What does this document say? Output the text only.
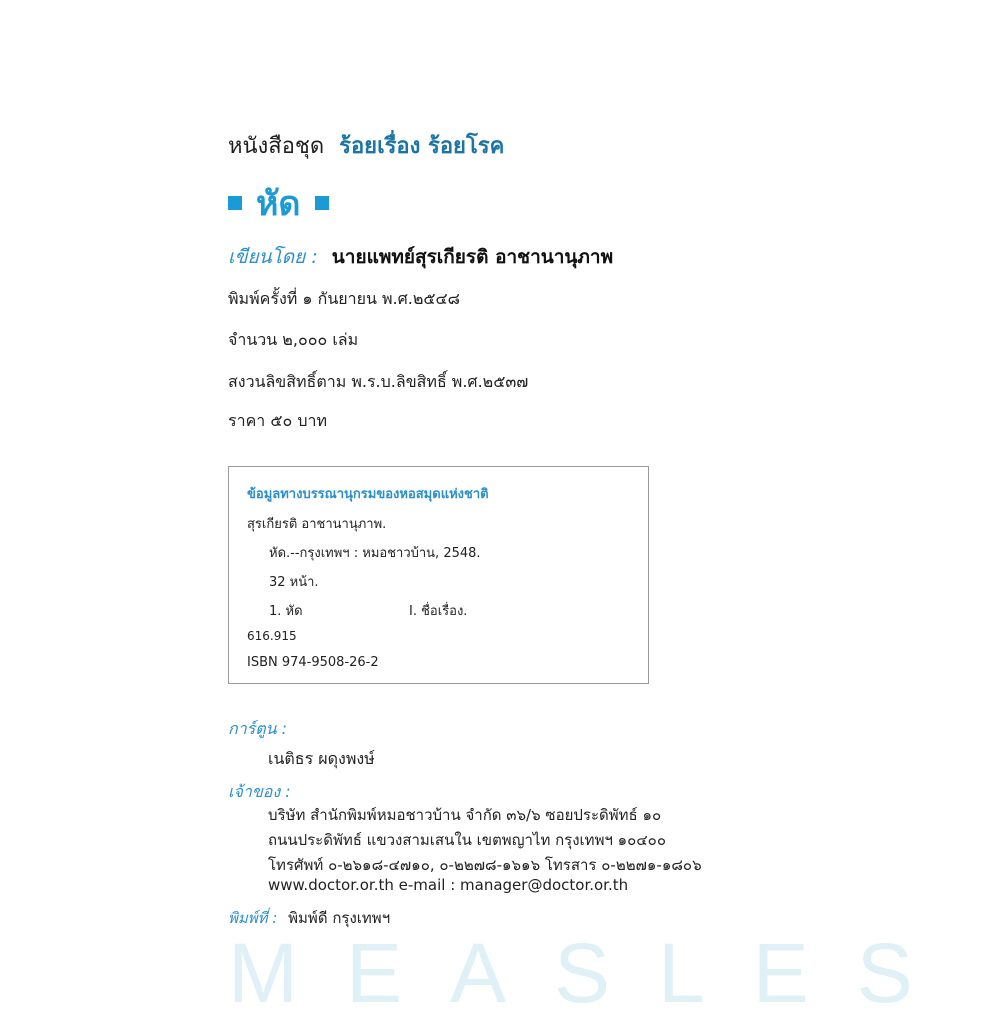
หนังสือชุด ร้อยเรื่อง ร้อยโรค
หัด
เขียนโดย : นายแพทย์สุรเกียรติ อาชานานุภาพ
พิมพ์ครั้งที่ ๑ กันยายน พ.ศ.๒๕๔๘
จำนวน ๒,๐๐๐ เล่ม
สงวนลิขสิทธิ์ตาม พ.ร.บ.ลิขสิทธิ์ พ.ศ.๒๕๓๗
ราคา ๕๐ บาท
ข้อมูลทางบรรณานุกรมของหอสมุดแห่งชาติ
สุรเกียรติ อาชานานุภาพ.
หัด.--กรุงเทพฯ : หมอชาวบ้าน, 2548.
32 หน้า.
1. หัด	I. ชื่อเรื่อง.
616.915
ISBN 974-9508-26-2
การ์ตูน :
เนติธร ผดุงพงษ์
เจ้าของ :
บริษัท สำนักพิมพ์หมอชาวบ้าน จำกัด ๓๖/๖ ซอยประดิพัทธ์ ๑๐
ถนนประดิพัทธ์ แขวงสามเสนใน เขตพญาไท กรุงเทพฯ ๑๐๔๐๐
โทรศัพท์ ๐-๒๖๑๘-๔๗๑๐, ๐-๒๒๗๘-๑๖๑๖ โทรสาร ๐-๒๒๗๑-๑๘๐๖
www.doctor.or.th e-mail : manager@doctor.or.th
พิมพ์ที่ : พิมพ์ดี กรุงเทพฯ
MEASLES
